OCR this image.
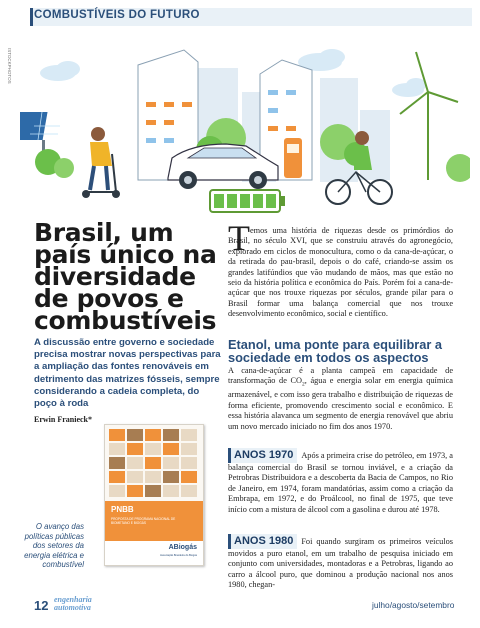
COMBUSTÍVEIS DO FUTURO
ISTOCKPHOTOS
Brasil, um país único na diversidade de povos e combustíveis

A discussão entre governo e sociedade precisa mostrar novas perspectivas para a ampliação das fontes renováveis em detrimento das matrizes fósseis, sempre considerando a cadeia completa, do poço à roda

Erwin Franieck*
PNBB
PROPOSTA DE PROGRAMA NACIONAL DE BIOMETANO E BIOGÁS
ABiogás
Associação Brasileira do Biogás
O avanço das políticas públicas dos setores da energia elétrica e combustível
T emos uma história de riquezas desde os primórdios do Brasil, no século XVI, que se construiu através do agronegócio, explorado em ciclos de monocultura, como o da cana-de-açúcar, o da retirada do pau-brasil, depois o do café, criando-se assim os grandes latifúndios que vão mudando de mãos, mas que estão no seio da história política e econômica do País. Porém foi a cana-de-açúcar que nos trouxe riquezas por séculos, grande pilar para o Brasil formar uma balança comercial que nos trouxe desenvolvimento econômico, social e científico.

Etanol, uma ponte para equilibrar a sociedade em todos os aspectos

A cana-de-açúcar é a planta campeã em capacidade de transformação de $CO_2$, água e energia solar em energia química armazenável, e com isso gera trabalho e distribuição de riquezas de forma eficiente, promovendo crescimento social e econômico. E essa história alavanca um segmento de energia renovável que abriu um novo mercado iniciado no fim dos anos 1970.

ANOS 1970 Após a primeira crise do petróleo, em 1973, a balança comercial do Brasil se tornou inviável, e a criação da Petrobras Distribuidora e a descoberta da Bacia de Campos, no Rio de Janeiro, em 1974, foram mandatórias, assim como a criação da Embrapa, em 1972, e do Proálcool, no final de 1975, que teve início com a mistura de álcool com a gasolina e durou até 1978.

ANOS 1980 Foi quando surgiram os primeiros veículos movidos a puro etanol, em um trabalho de pesquisa iniciado em conjunto com universidades, montadoras e a Petrobras, ligando ao carro a álcool puro, que dominou a produção nacional nos anos 1980, chegan-

12 engenharia
automotiva	julho/agosto/setembro
